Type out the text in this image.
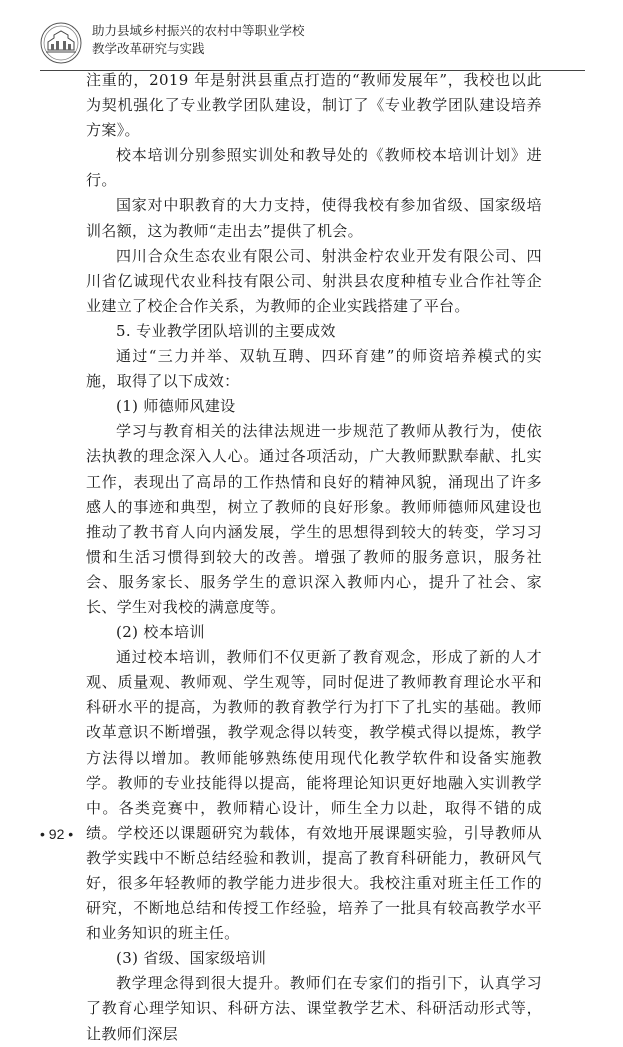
助力县域乡村振兴的农村中等职业学校
教学改革研究与实践

注重的，2019 年是射洪县重点打造的“教师发展年”，我校也以此为契机强化了专业教学团队建设，制订了《专业教学团队建设培养方案》。

校本培训分别参照实训处和教导处的《教师校本培训计划》进行。

国家对中职教育的大力支持，使得我校有参加省级、国家级培训名额，这为教师“走出去”提供了机会。

四川合众生态农业有限公司、射洪金柠农业开发有限公司、四川省亿诚现代农业科技有限公司、射洪县农度种植专业合作社等企业建立了校企合作关系，为教师的企业实践搭建了平台。

5. 专业教学团队培训的主要成效

通过“三力并举、双轨互聘、四环育建”的师资培养模式的实施，取得了以下成效：

(1) 师德师风建设

学习与教育相关的法律法规进一步规范了教师从教行为，使依法执教的理念深入人心。通过各项活动，广大教师默默奉献、扎实工作，表现出了高昂的工作热情和良好的精神风貌，涌现出了许多感人的事迹和典型，树立了教师的良好形象。教师师德师风建设也推动了教书育人向内涵发展，学生的思想得到较大的转变，学习习惯和生活习惯得到较大的改善。增强了教师的服务意识，服务社会、服务家长、服务学生的意识深入教师内心，提升了社会、家长、学生对我校的满意度等。

(2) 校本培训

通过校本培训，教师们不仅更新了教育观念，形成了新的人才观、质量观、教师观、学生观等，同时促进了教师教育理论水平和科研水平的提高，为教师的教育教学行为打下了扎实的基础。教师改革意识不断增强，教学观念得以转变，教学模式得以提炼，教学方法得以增加。教师能够熟练使用现代化教学软件和设备实施教学。教师的专业技能得以提高，能将理论知识更好地融入实训教学中。各类竞赛中，教师精心设计，师生全力以赴，取得不错的成绩。学校还以课题研究为载体，有效地开展课题实验，引导教师从教学实践中不断总结经验和教训，提高了教育科研能力，教研风气好，很多年轻教师的教学能力进步很大。我校注重对班主任工作的研究，不断地总结和传授工作经验，培养了一批具有较高教学水平和业务知识的班主任。

(3) 省级、国家级培训

教学理念得到很大提升。教师们在专家们的指引下，认真学习了教育心理学知识、科研方法、课堂教学艺术、科研活动形式等，让教师们深层

• 92 •
